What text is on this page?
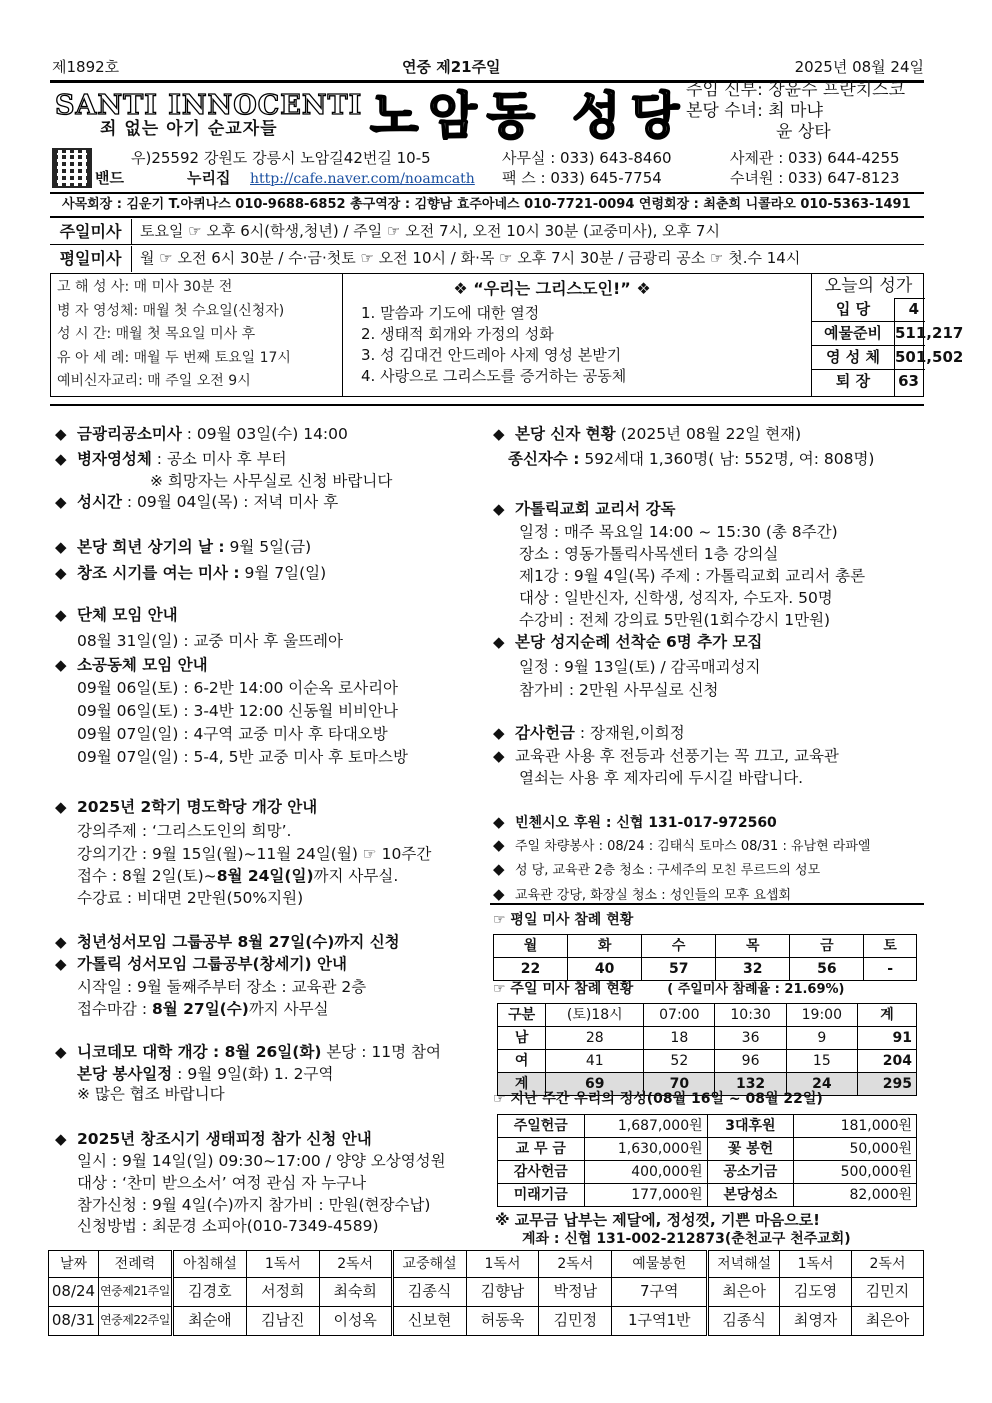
제1892호	연중 제21주일	2025년 08월 24일
SANTI INNOCENTI
죄 없는 아기 순교자들 노암동 성당
주임 신부: 장윤수 프란치스코
본당 수녀: 최 마냐
윤 상타
우)25592 강원도 강릉시 노암길42번길 10-5	사무실 : 033) 643-8460	사제관 : 033) 644-4255
밴드	누리집 http://cafe.naver.com/noamcath 팩 스 : 033) 645-7754	수녀원 : 033) 647-8123
사목회장 : 김운기 T.아퀴나스 010-9688-6852 총구역장 : 김향남 효주아네스 010-7721-0094 연령회장 : 최춘희 니콜라오 010-5363-1491
주일미사	토요일 ☞ 오후 6시(학생,청년) / 주일 ☞ 오전 7시, 오전 10시 30분 (교중미사), 오후 7시
평일미사	월 ☞ 오전 6시 30분 / 수·금·첫토 ☞ 오전 10시 / 화·목 ☞ 오후 7시 30분 / 금광리 공소 ☞ 첫.수 14시
고 해 성 사: 매 미사 30분 전
병 자 영성체: 매월 첫 수요일(신청자)
성 시 간: 매월 첫 목요일 미사 후
유 아 세 례: 매월 두 번째 토요일 17시
예비신자교리: 매 주일 오전 9시
❖ “우리는 그리스도인!” ❖
1. 말씀과 기도에 대한 열정
2. 생태적 회개와 가정의 성화
3. 성 김대건 안드레아 사제 영성 본받기
4. 사랑으로 그리스도를 증거하는 공동체
오늘의 성가
입 당	4
예물준비 511,217
영 성 체	501,502
퇴 장	63
◆ 금광리공소미사 : 09월 03일(수) 14:00
◆ 병자영성체 : 공소 미사 후 부터
※ 희망자는 사무실로 신청 바랍니다
◆ 성시간 : 09월 04일(목) : 저녁 미사 후
◆ 본당 희년 상기의 날 : 9월 5일(금)
◆ 창조 시기를 여는 미사 : 9월 7일(일)
◆ 단체 모임 안내
08월 31일(일) : 교중 미사 후 울뜨레아
◆ 소공동체 모임 안내
09월 06일(토) : 6-2반 14:00 이순옥 로사리아
09월 06일(토) : 3-4반 12:00 신동월 비비안나
09월 07일(일) : 4구역 교중 미사 후 타대오방
09월 07일(일) : 5-4, 5반 교중 미사 후 토마스방
◆ 2025년 2학기 명도학당 개강 안내
강의주제 : ‘그리스도인의 희망’.
강의기간 : 9월 15일(월)~11월 24일(월) ☞ 10주간
접수 : 8월 2일(토)~8월 24일(일)까지 사무실.
수강료 : 비대면 2만원(50%지원)
◆ 청년성서모임 그룹공부 8월 27일(수)까지 신청
◆ 가톨릭 성서모임 그룹공부(창세기) 안내
시작일 : 9월 둘째주부터 장소 : 교육관 2층
접수마감 : 8월 27일(수)까지 사무실
◆ 니코데모 대학 개강 : 8월 26일(화) 본당 : 11명 참여
본당 봉사일정 : 9월 9일(화) 1. 2구역
※ 많은 협조 바랍니다
◆ 2025년 창조시기 생태피정 참가 신청 안내
일시 : 9월 14일(일) 09:30~17:00 / 양양 오상영성원
대상 : ‘찬미 받으소서’ 여정 관심 자 누구나
참가신청 : 9월 4일(수)까지 참가비 : 만원(현장수납)
신청방법 : 최문경 소피아(010-7349-4589)
◆ 본당 신자 현황 (2025년 08월 22일 현재)
종신자수 : 592세대 1,360명( 남: 552명, 여: 808명)
◆ 가톨릭교회 교리서 강독
일정 : 매주 목요일 14:00 ~ 15:30 (총 8주간)
장소 : 영동가톨릭사목센터 1층 강의실
제1강 : 9월 4일(목) 주제 : 가톨릭교회 교리서 총론
대상 : 일반신자, 신학생, 성직자, 수도자. 50명
수강비 : 전체 강의료 5만원(1회수강시 1만원)
◆ 본당 성지순례 선착순 6명 추가 모집
일정 : 9월 13일(토) / 감곡매괴성지
참가비 : 2만원 사무실로 신청
◆ 감사헌금 : 장재원,이희정
◆ 교육관 사용 후 전등과 선풍기는 꼭 끄고, 교육관
열쇠는 사용 후 제자리에 두시길 바랍니다.
◆ 빈첸시오 후원 : 신협 131-017-972560
◆ 주일 차량봉사 : 08/24 : 김태식 토마스 08/31 : 유남현 라파엘
◆ 성 당, 교육관 2층 청소 : 구세주의 모친 루르드의 성모
◆ 교육관 강당, 화장실 청소 : 성인들의 모후 요셉회
☞ 평일 미사 참례 현황
월	화	수	목	금	토
22	40	57	32	56	-
☞ 주일 미사 참례 현황	( 주일미사 참례율 : 21.69%)
구분	(토)18시	07:00	10:30	19:00	계
남	28	18	36	9	91
여	41	52	96	15	204
계	69	70	132	24	295
☞ 지난 주간 우리의 정성(08월 16일 ~ 08월 22일)
주일헌금	1,687,000원	3대후원	181,000원
교 무 금	1,630,000원	꽃 봉헌	50,000원
감사헌금	400,000원	공소기금	500,000원
미래기금	177,000원	본당성소	82,000원
※ 교무금 납부는 제달에, 정성껏, 기쁜 마음으로!
계좌 : 신협 131-002-212873(춘천교구 천주교회)
날짜	전례력	아침해설	1독서	2독서	교중해설	1독서	2독서	예물봉헌	저녁해설	1독서	2독서
08/24	연중제21주일	김경호	서정희	최숙희	김종식	김향남	박정남	7구역	최은아	김도영	김민지
08/31	연중제22주일	최순애	김남진	이성옥	신보현	허동욱	김민정	1구역1반	김종식	최영자	최은아
